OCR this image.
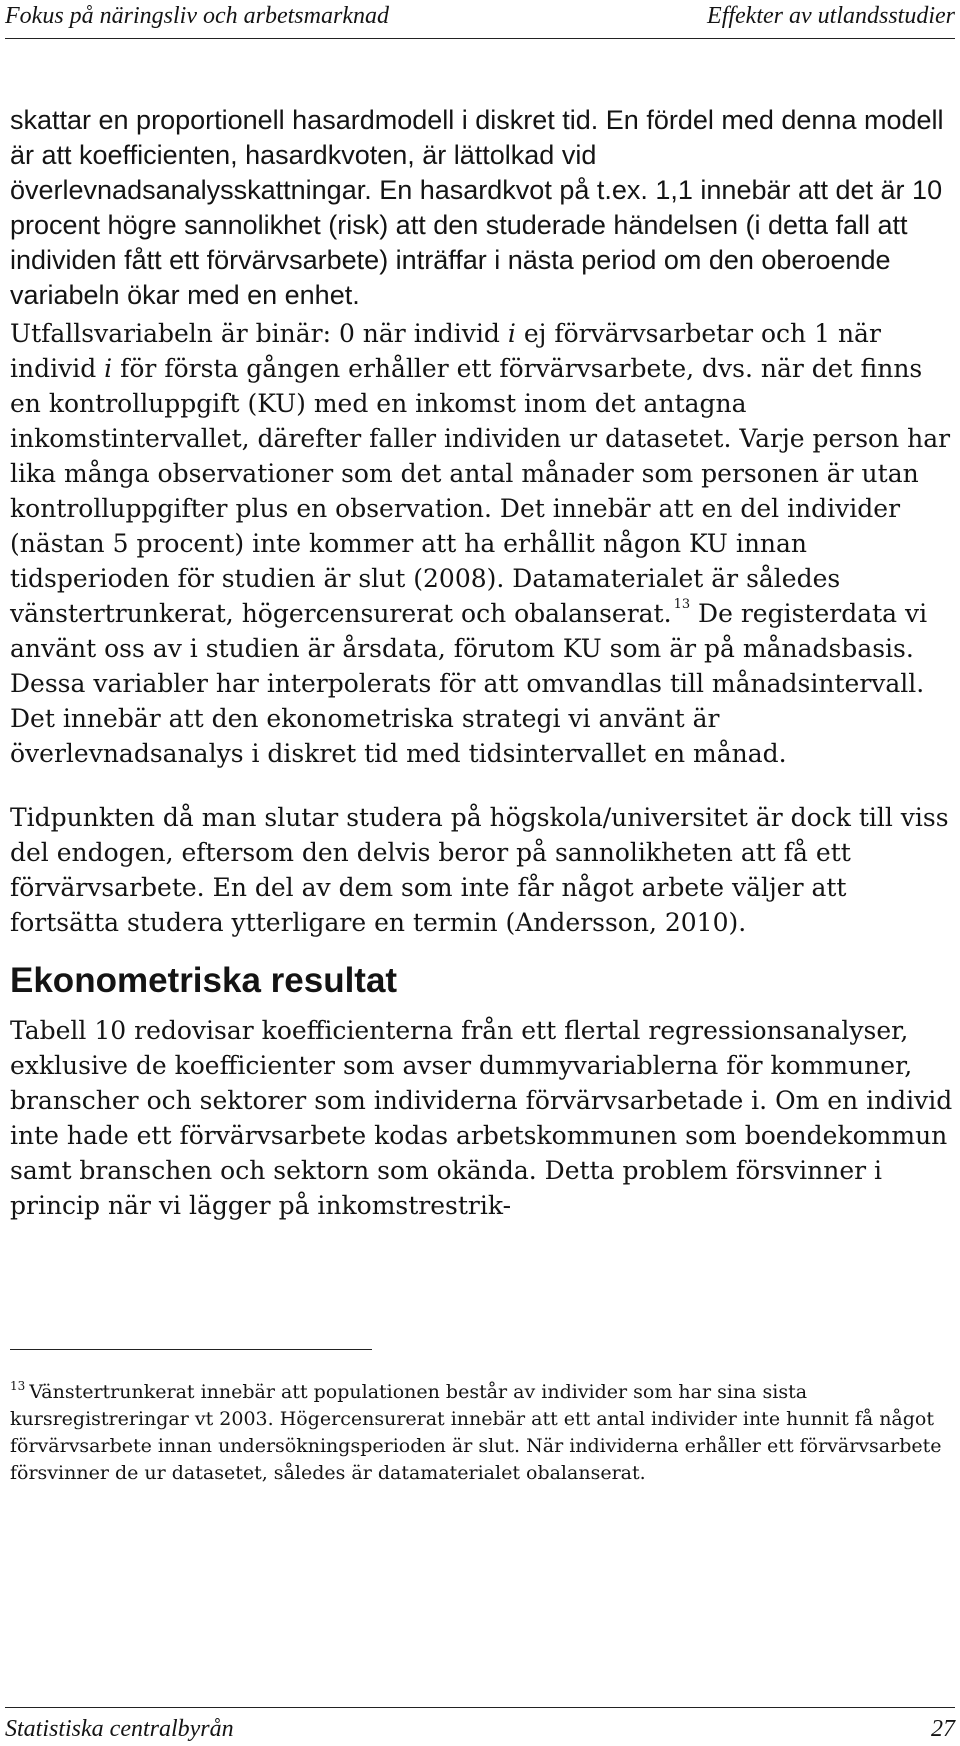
Fokus på näringsliv och arbetsmarknad	Effekter av utlandsstudier

skattar en proportionell hasardmodell i diskret tid. En fördel med denna modell är att koefficienten, hasardkvoten, är lättolkad vid överlevnadsanalysskattningar. En hasardkvot på t.ex. 1,1 innebär att det är 10 procent högre sannolikhet (risk) att den studerade händelsen (i detta fall att individen fått ett förvärvsarbete) inträffar i nästa period om den oberoende variabeln ökar med en enhet.

Utfallsvariabeln är binär: 0 när individ i ej förvärvsarbetar och 1 när individ i för första gången erhåller ett förvärvsarbete, dvs. när det finns en kontrolluppgift (KU) med en inkomst inom det antagna inkomstintervallet, därefter faller individen ur datasetet. Varje person har lika många observationer som det antal månader som personen är utan kontrolluppgifter plus en observation. Det innebär att en del individer (nästan 5 procent) inte kommer att ha erhållit någon KU innan tidsperioden för studien är slut (2008). Datamaterialet är således vänstertrunkerat, högercensurerat och obalanserat. $^{13}$ De registerdata vi använt oss av i studien är årsdata, förutom KU som är på månadsbasis. Dessa variabler har interpolerats för att omvandlas till månadsintervall. Det innebär att den ekonometriska strategi vi använt är överlevnadsanalys i diskret tid med tidsintervallet en månad.

Tidpunkten då man slutar studera på högskola/universitet är dock till viss del endogen, eftersom den delvis beror på sannolikheten att få ett förvärvsarbete. En del av dem som inte får något arbete väljer att fortsätta studera ytterligare en termin (Andersson, 2010).

Ekonometriska resultat

Tabell 10 redovisar koefficienterna från ett flertal regressionsanalyser, exklusive de koefficienter som avser dummyvariablerna för kommuner, branscher och sektorer som individerna förvärvsarbetade i. Om en individ inte hade ett förvärvsarbete kodas arbetskommunen som boendekommun samt branschen och sektorn som okända. Detta problem försvinner i princip när vi lägger på inkomstrestrik-

$^{13}$ Vänstertrunkerat innebär att populationen består av individer som har sina sista kursregistreringar vt 2003. Högercensurerat innebär att ett antal individer inte hunnit få något förvärvsarbete innan undersökningsperioden är slut. När individerna erhåller ett förvärvsarbete försvinner de ur datasetet, således är datamaterialet obalanserat.

Statistiska centralbyrån	27
